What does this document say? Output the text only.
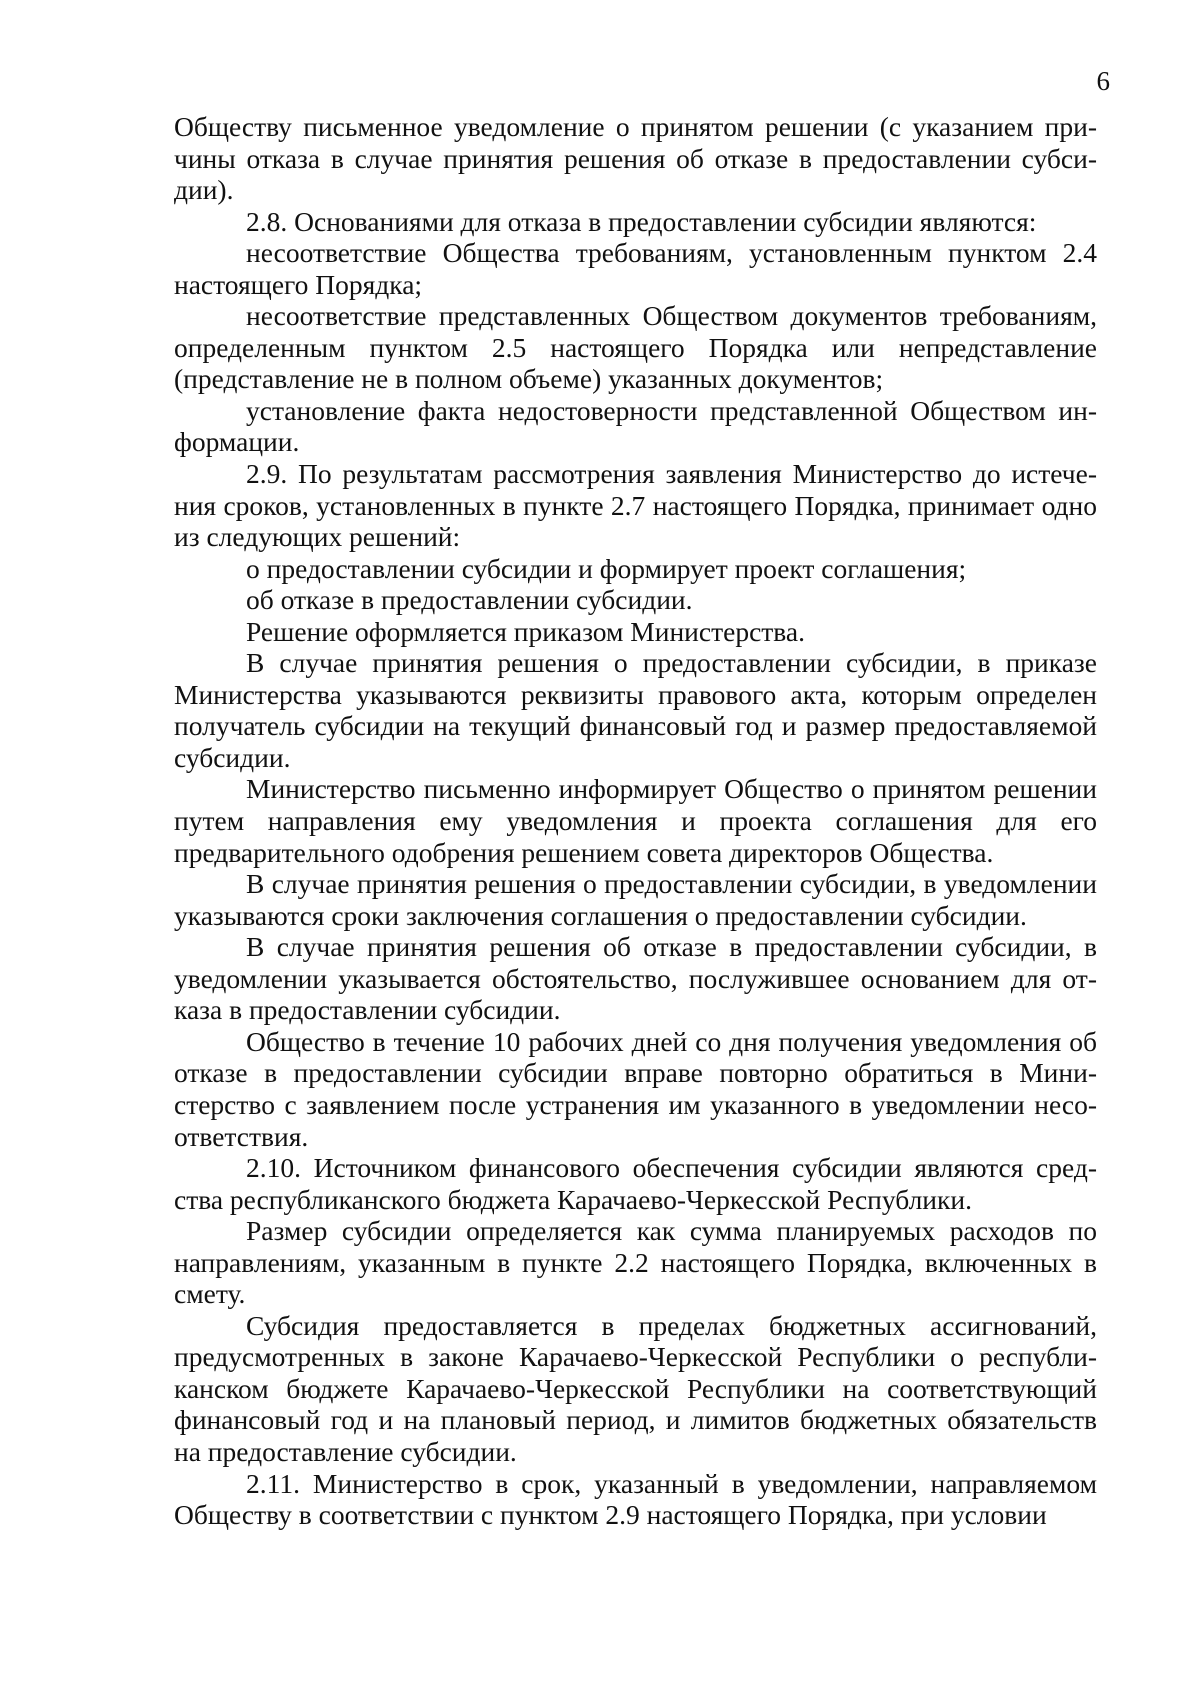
6

Обществу письменное уведомление о принятом решении (с указанием причины отказа в случае принятия решения об отказе в предоставлении субсидии).

2.8. Основаниями для отказа в предоставлении субсидии являются:

несоответствие Общества требованиям, установленным пунктом 2.4 настоящего Порядка;

несоответствие представленных Обществом документов требованиям, определенным пунктом 2.5 настоящего Порядка или непредставление (представление не в полном объеме) указанных документов;

установление факта недостоверности представленной Обществом информации.

2.9. По результатам рассмотрения заявления Министерство до истечения сроков, установленных в пункте 2.7 настоящего Порядка, принимает одно из следующих решений:

о предоставлении субсидии и формирует проект соглашения;

об отказе в предоставлении субсидии.

Решение оформляется приказом Министерства.

В случае принятия решения о предоставлении субсидии, в приказе Министерства указываются реквизиты правового акта, которым определен получатель субсидии на текущий финансовый год и размер предоставляемой субсидии.

Министерство письменно информирует Общество о принятом решении путем направления ему уведомления и проекта соглашения для его предварительного одобрения решением совета директоров Общества.

В случае принятия решения о предоставлении субсидии, в уведомлении указываются сроки заключения соглашения о предоставлении субсидии.

В случае принятия решения об отказе в предоставлении субсидии, в уведомлении указывается обстоятельство, послужившее основанием для отказа в предоставлении субсидии.

Общество в течение 10 рабочих дней со дня получения уведомления об отказе в предоставлении субсидии вправе повторно обратиться в Министерство с заявлением после устранения им указанного в уведомлении несоответствия.

2.10. Источником финансового обеспечения субсидии являются средства республиканского бюджета Карачаево-Черкесской Республики.

Размер субсидии определяется как сумма планируемых расходов по направлениям, указанным в пункте 2.2 настоящего Порядка, включенных в смету.

Субсидия предоставляется в пределах бюджетных ассигнований, предусмотренных в законе Карачаево-Черкесской Республики о республиканском бюджете Карачаево-Черкесской Республики на соответствующий финансовый год и на плановый период, и лимитов бюджетных обязательств на предоставление субсидии.

2.11. Министерство в срок, указанный в уведомлении, направляемом Обществу в соответствии с пунктом 2.9 настоящего Порядка, при условии
